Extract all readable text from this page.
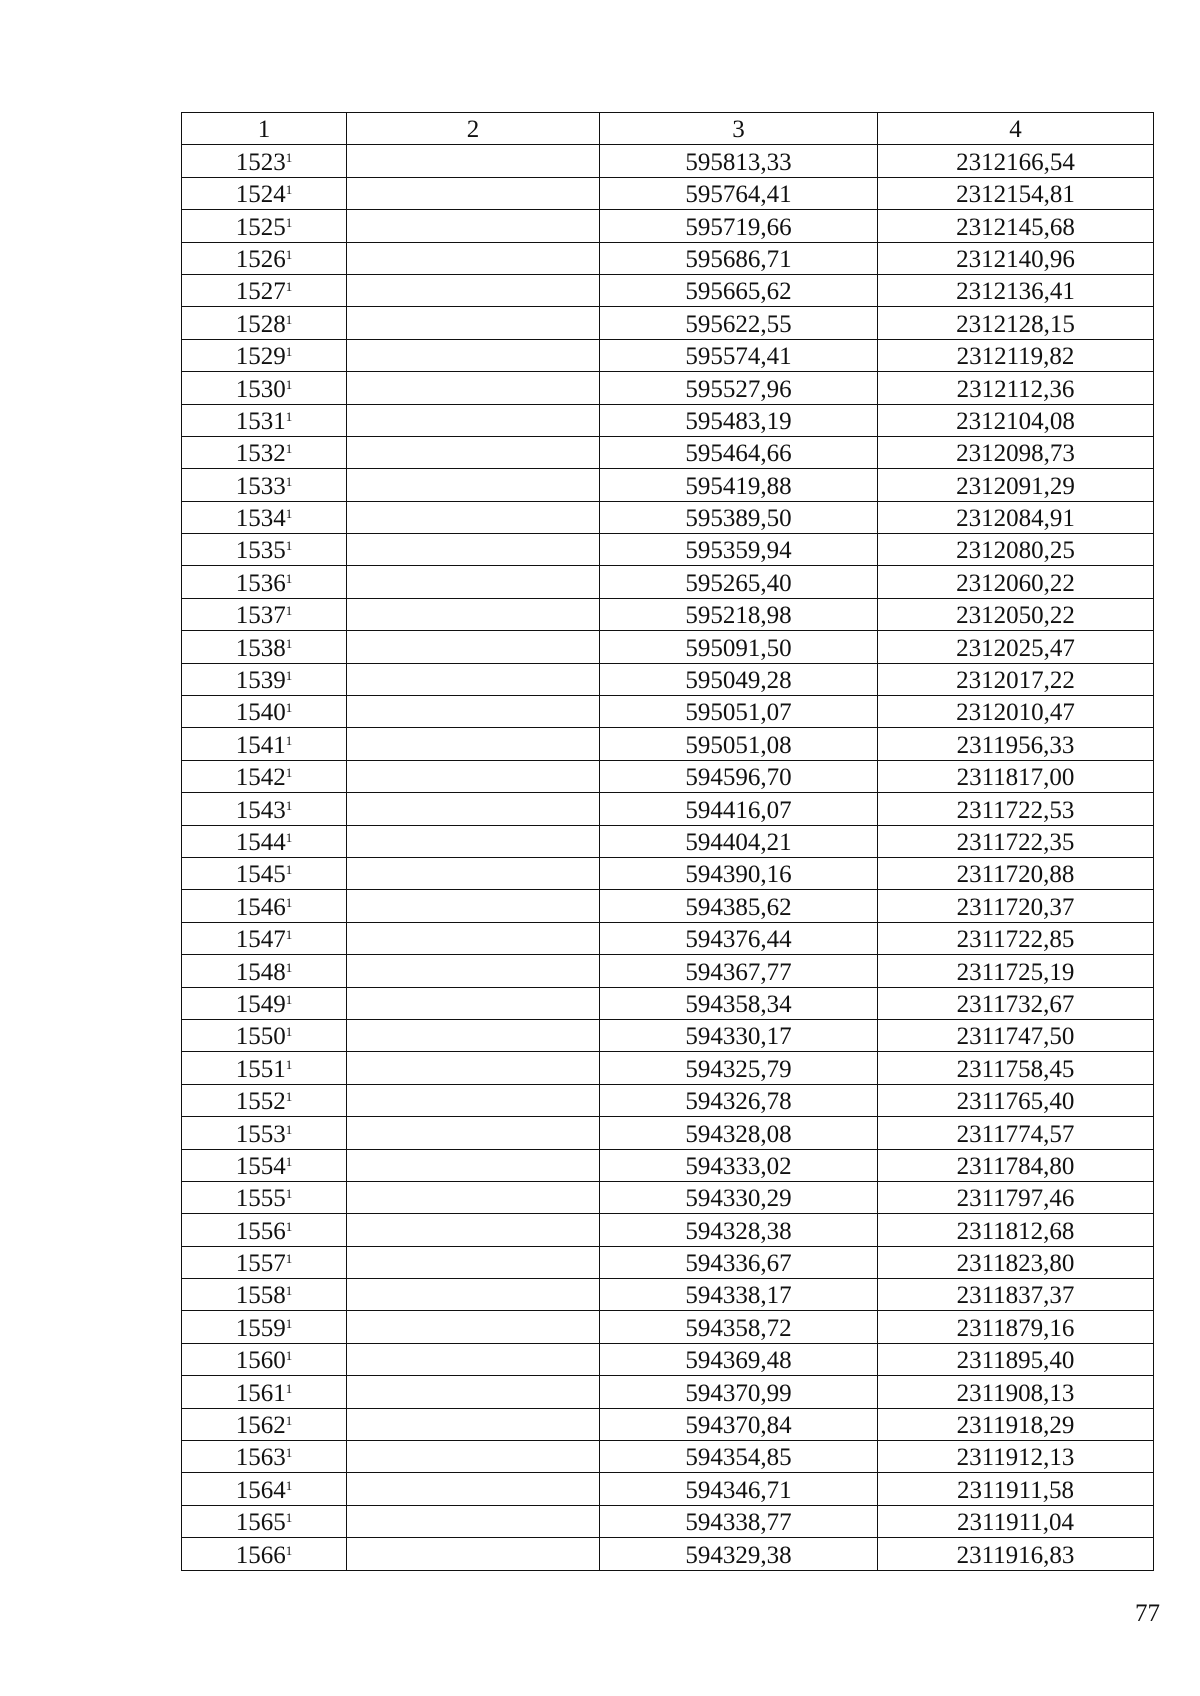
1	2	3	4
1523$^1$		595813,33	2312166,54
1524$^1$		595764,41	2312154,81
1525$^1$		595719,66	2312145,68
1526$^1$		595686,71	2312140,96
1527$^1$		595665,62	2312136,41
1528$^1$		595622,55	2312128,15
1529$^1$		595574,41	2312119,82
1530$^1$		595527,96	2312112,36
1531$^1$		595483,19	2312104,08
1532$^1$		595464,66	2312098,73
1533$^1$		595419,88	2312091,29
1534$^1$		595389,50	2312084,91
1535$^1$		595359,94	2312080,25
1536$^1$		595265,40	2312060,22
1537$^1$		595218,98	2312050,22
1538$^1$		595091,50	2312025,47
1539$^1$		595049,28	2312017,22
1540$^1$		595051,07	2312010,47
1541$^1$		595051,08	2311956,33
1542$^1$		594596,70	2311817,00
1543$^1$		594416,07	2311722,53
1544$^1$		594404,21	2311722,35
1545$^1$		594390,16	2311720,88
1546$^1$		594385,62	2311720,37
1547$^1$		594376,44	2311722,85
1548$^1$		594367,77	2311725,19
1549$^1$		594358,34	2311732,67
1550$^1$		594330,17	2311747,50
1551$^1$		594325,79	2311758,45
1552$^1$		594326,78	2311765,40
1553$^1$		594328,08	2311774,57
1554$^1$		594333,02	2311784,80
1555$^1$		594330,29	2311797,46
1556$^1$		594328,38	2311812,68
1557$^1$		594336,67	2311823,80
1558$^1$		594338,17	2311837,37
1559$^1$		594358,72	2311879,16
1560$^1$		594369,48	2311895,40
1561$^1$		594370,99	2311908,13
1562$^1$		594370,84	2311918,29
1563$^1$		594354,85	2311912,13
1564$^1$		594346,71	2311911,58
1565$^1$		594338,77	2311911,04
1566$^1$		594329,38	2311916,83
77
